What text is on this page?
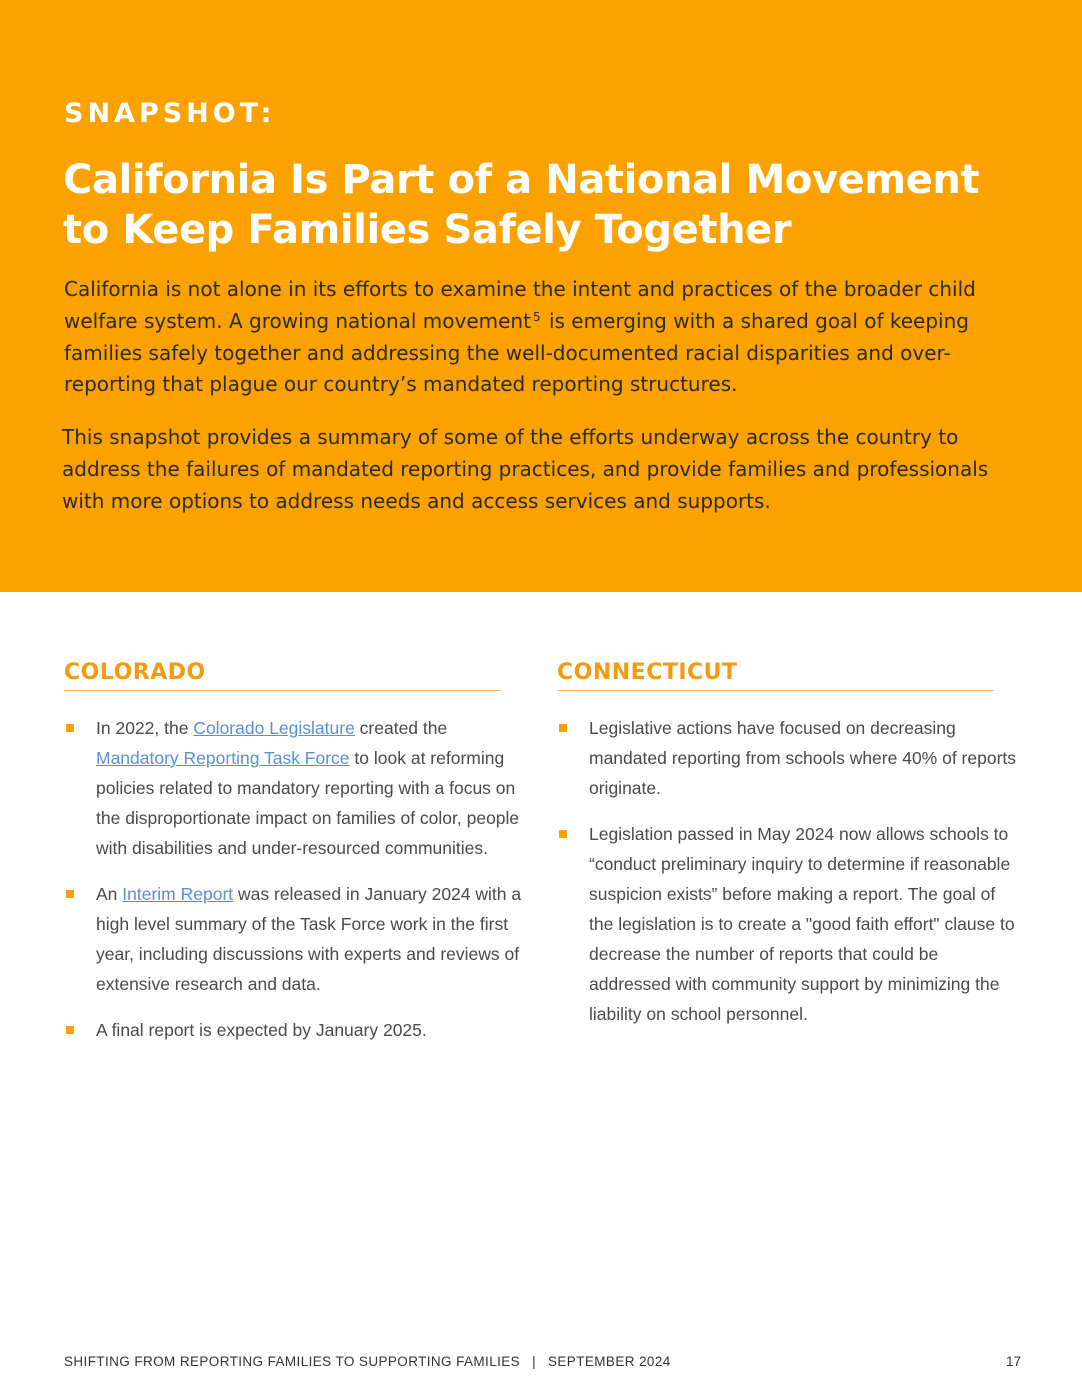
SNAPSHOT:
California Is Part of a National Movement
to Keep Families Safely Together

California is not alone in its efforts to examine the intent and practices of the broader child welfare system. A growing national movement $^5$ is emerging with a shared goal of keeping families safely together and addressing the well-documented racial disparities and over-reporting that plague our country’s mandated reporting structures.

This snapshot provides a summary of some of the efforts underway across the country to address the failures of mandated reporting practices, and provide families and professionals with more options to address needs and access services and supports.

COLORADO
In 2022, the Colorado Legislature created the Mandatory Reporting Task Force to look at reforming policies related to mandatory reporting with a focus on the disproportionate impact on families of color, people with disabilities and under-resourced communities.
An Interim Report was released in January 2024 with a high level summary of the Task Force work in the first year, including discussions with experts and reviews of extensive research and data.
A final report is expected by January 2025.
CONNECTICUT
Legislative actions have focused on decreasing mandated reporting from schools where 40% of reports originate.
Legislation passed in May 2024 now allows schools to “conduct preliminary inquiry to determine if reasonable suspicion exists” before making a report. The goal of the legislation is to create a "good faith effort" clause to decrease the number of reports that could be addressed with community support by minimizing the liability on school personnel.
SHIFTING FROM REPORTING FAMILIES TO SUPPORTING FAMILIES | SEPTEMBER 2024	17
